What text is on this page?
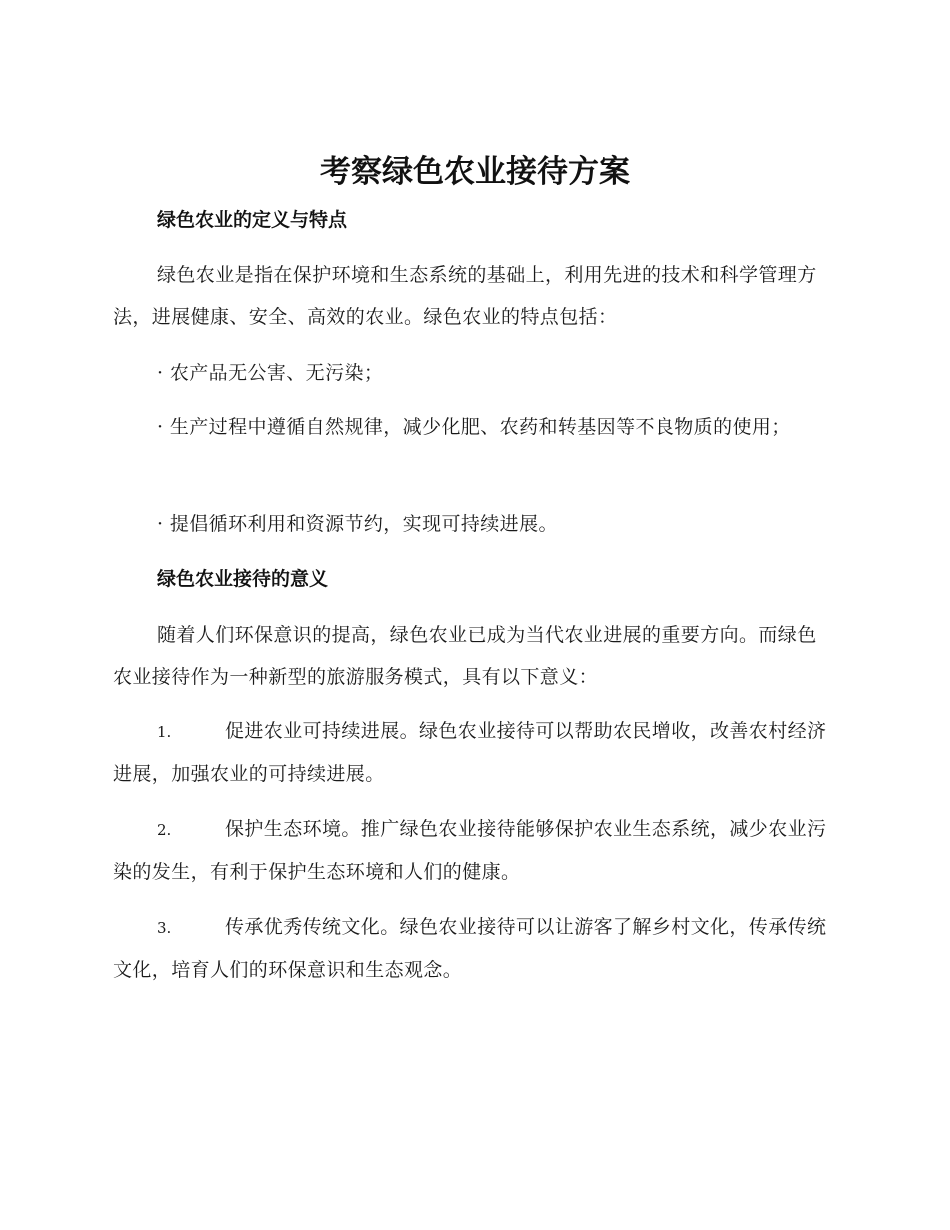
考察绿色农业接待方案
绿色农业的定义与特点

绿色农业是指在保护环境和生态系统的基础上，利用先进的技术和科学管理方法，进展健康、安全、高效的农业。绿色农业的特点包括：

· 农产品无公害、无污染；

· 生产过程中遵循自然规律，减少化肥、农药和转基因等不良物质的使用；

· 提倡循环利用和资源节约，实现可持续进展。

绿色农业接待的意义

随着人们环保意识的提高，绿色农业已成为当代农业进展的重要方向。而绿色农业接待作为一种新型的旅游服务模式，具有以下意义：

1.	促进农业可持续进展。绿色农业接待可以帮助农民增收，改善农村经济进展，加强农业的可持续进展。

2.	保护生态环境。推广绿色农业接待能够保护农业生态系统，减少农业污染的发生，有利于保护生态环境和人们的健康。

3.	传承优秀传统文化。绿色农业接待可以让游客了解乡村文化，传承传统文化，培育人们的环保意识和生态观念。
